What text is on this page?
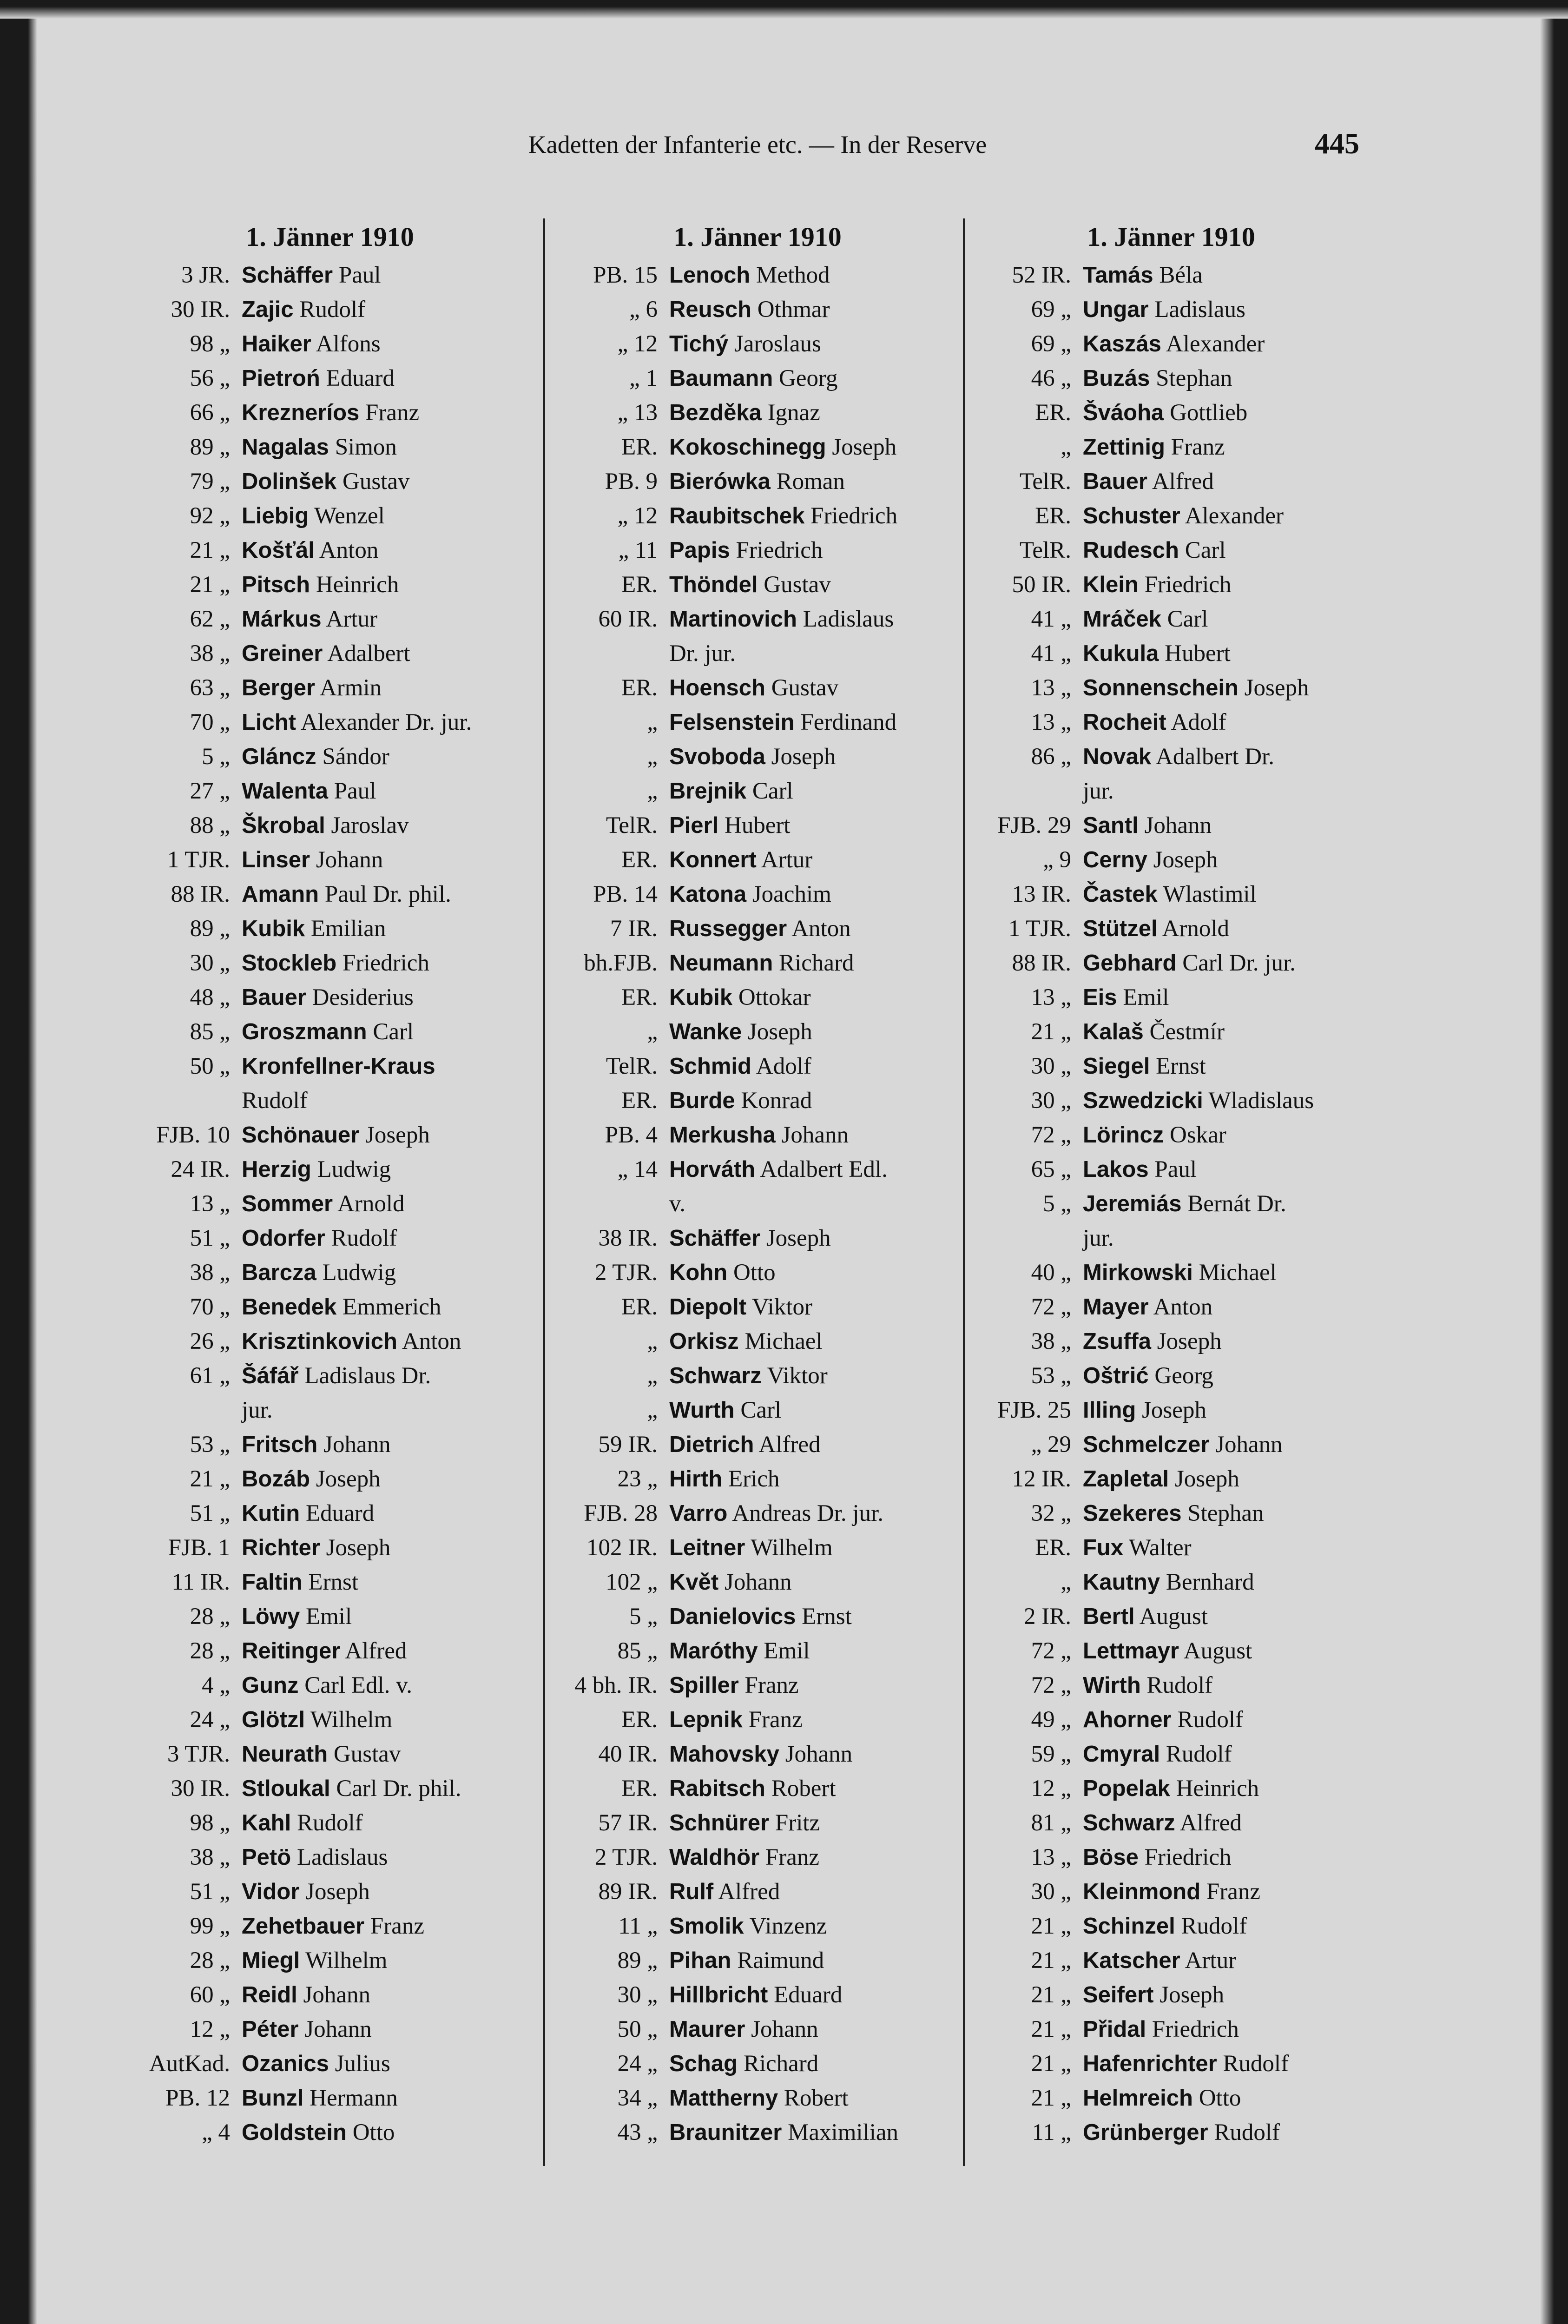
Kadetten der Infanterie etc. — In der Reserve	445
1. Jänner 1910
3 JR. Schäffer Paul
30 IR. Zajic Rudolf
98 „ Haiker Alfons
56 „ Pietroń Eduard
66 „ Krezneríos Franz
89 „ Nagalas Simon
79 „ Dolinšek Gustav
92 „ Liebig Wenzel
21 „ Košťál Anton
21 „ Pitsch Heinrich
62 „ Márkus Artur
38 „ Greiner Adalbert
63 „ Berger Armin
70 „ Licht Alexander Dr. jur.
5 „ Gláncz Sándor
27 „ Walenta Paul
88 „ Škrobal Jaroslav
1 TJR. Linser Johann
88 IR. Amann Paul Dr. phil.
89 „ Kubik Emilian
30 „ Stockleb Friedrich
48 „ Bauer Desiderius
85 „ Groszmann Carl
50 „ Kronfellner-Kraus
Rudolf
FJB. 10 Schönauer Joseph
24 IR. Herzig Ludwig
13 „ Sommer Arnold
51 „ Odorfer Rudolf
38 „ Barcza Ludwig
70 „ Benedek Emmerich
26 „ Krisztinkovich Anton
61 „ Šáfář Ladislaus Dr.
jur.
53 „ Fritsch Johann
21 „ Bozáb Joseph
51 „ Kutin Eduard
FJB. 1 Richter Joseph
11 IR. Faltin Ernst
28 „ Löwy Emil
28 „ Reitinger Alfred
4 „ Gunz Carl Edl. v.
24 „ Glötzl Wilhelm
3 TJR. Neurath Gustav
30 IR. Stloukal Carl Dr. phil.
98 „ Kahl Rudolf
38 „ Petö Ladislaus
51 „ Vidor Joseph
99 „ Zehetbauer Franz
28 „ Miegl Wilhelm
60 „ Reidl Johann
12 „ Péter Johann
AutKad. Ozanics Julius
PB. 12 Bunzl Hermann
„ 4 Goldstein Otto
1. Jänner 1910
PB. 15 Lenoch Method
„ 6 Reusch Othmar
„ 12 Tichý Jaroslaus
„ 1 Baumann Georg
„ 13 Bezděka Ignaz
ER. Kokoschinegg Joseph
PB. 9 Bierówka Roman
„ 12 Raubitschek Friedrich
„ 11 Papis Friedrich
ER. Thöndel Gustav
60 IR. Martinovich Ladislaus
Dr. jur.
ER. Hoensch Gustav
„ Felsenstein Ferdinand
„ Svoboda Joseph
„ Brejnik Carl
TelR. Pierl Hubert
ER. Konnert Artur
PB. 14 Katona Joachim
7 IR. Russegger Anton
bh.FJB. Neumann Richard
ER. Kubik Ottokar
„ Wanke Joseph
TelR. Schmid Adolf
ER. Burde Konrad
PB. 4 Merkusha Johann
„ 14 Horváth Adalbert Edl.
v.
38 IR. Schäffer Joseph
2 TJR. Kohn Otto
ER. Diepolt Viktor
„ Orkisz Michael
„ Schwarz Viktor
„ Wurth Carl
59 IR. Dietrich Alfred
23 „ Hirth Erich
FJB. 28 Varro Andreas Dr. jur.
102 IR. Leitner Wilhelm
102 „ Květ Johann
5 „ Danielovics Ernst
85 „ Maróthy Emil
4 bh. IR. Spiller Franz
ER. Lepnik Franz
40 IR. Mahovsky Johann
ER. Rabitsch Robert
57 IR. Schnürer Fritz
2 TJR. Waldhör Franz
89 IR. Rulf Alfred
11 „ Smolik Vinzenz
89 „ Pihan Raimund
30 „ Hillbricht Eduard
50 „ Maurer Johann
24 „ Schag Richard
34 „ Mattherny Robert
43 „ Braunitzer Maximilian
1. Jänner 1910
52 IR. Tamás Béla
69 „ Ungar Ladislaus
69 „ Kaszás Alexander
46 „ Buzás Stephan
ER. Šváoha Gottlieb
„ Zettinig Franz
TelR. Bauer Alfred
ER. Schuster Alexander
TelR. Rudesch Carl
50 IR. Klein Friedrich
41 „ Mráček Carl
41 „ Kukula Hubert
13 „ Sonnenschein Joseph
13 „ Rocheit Adolf
86 „ Novak Adalbert Dr.
jur.
FJB. 29 Santl Johann
„ 9 Cerny Joseph
13 IR. Častek Wlastimil
1 TJR. Stützel Arnold
88 IR. Gebhard Carl Dr. jur.
13 „ Eis Emil
21 „ Kalaš Čestmír
30 „ Siegel Ernst
30 „ Szwedzicki Wladislaus
72 „ Lörincz Oskar
65 „ Lakos Paul
5 „ Jeremiás Bernát Dr.
jur.
40 „ Mirkowski Michael
72 „ Mayer Anton
38 „ Zsuffa Joseph
53 „ Oštrić Georg
FJB. 25 Illing Joseph
„ 29 Schmelczer Johann
12 IR. Zapletal Joseph
32 „ Szekeres Stephan
ER. Fux Walter
„ Kautny Bernhard
2 IR. Bertl August
72 „ Lettmayr August
72 „ Wirth Rudolf
49 „ Ahorner Rudolf
59 „ Cmyral Rudolf
12 „ Popelak Heinrich
81 „ Schwarz Alfred
13 „ Böse Friedrich
30 „ Kleinmond Franz
21 „ Schinzel Rudolf
21 „ Katscher Artur
21 „ Seifert Joseph
21 „ Přidal Friedrich
21 „ Hafenrichter Rudolf
21 „ Helmreich Otto
11 „ Grünberger Rudolf
